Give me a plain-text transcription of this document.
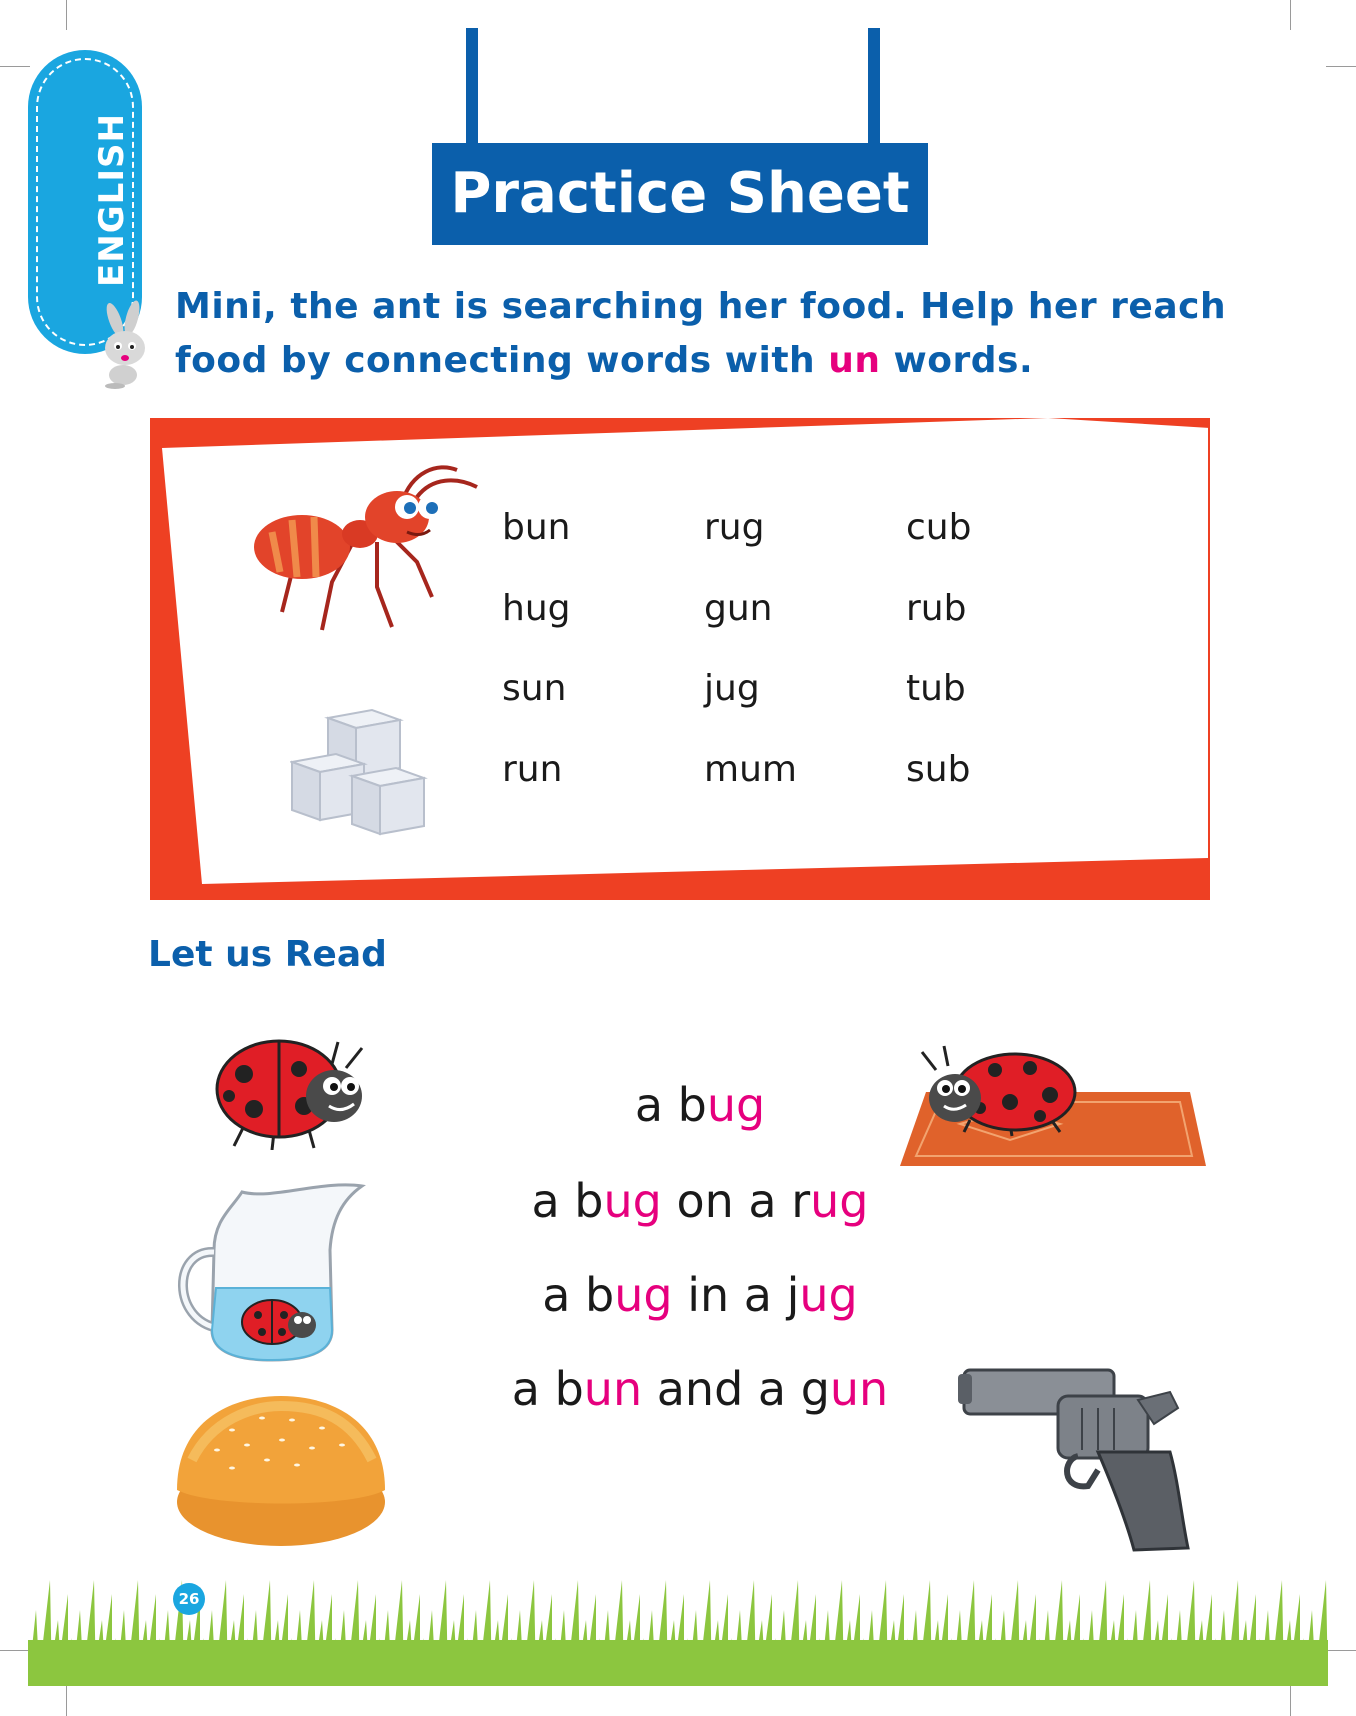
ENGLISH	Practice Sheet
Mini, the ant is searching her food. Help her reach
food by connecting words with un words.
bun	rug	cub
hug	gun	rub
sun	jug	tub
run	mum	sub
Let us Read
a bug
a bug on a rug
a bug in a jug
a bun and a gun
26
